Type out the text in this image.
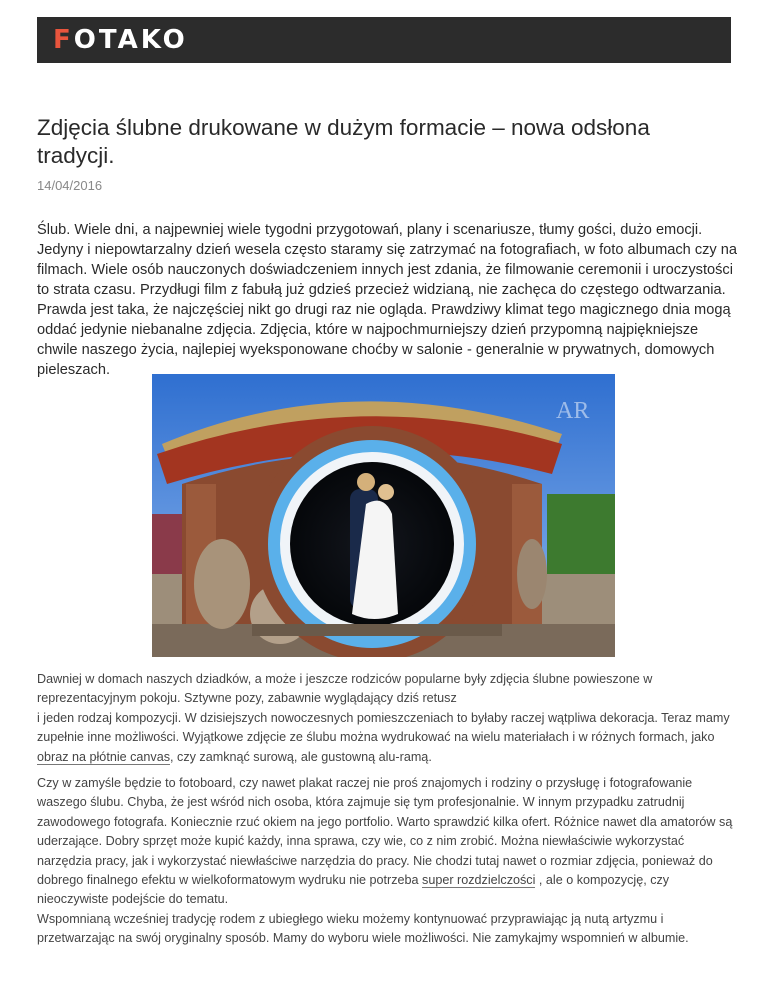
FOTAKO
Zdjęcia ślubne drukowane w dużym formacie – nowa odsłona tradycji.
14/04/2016

Ślub. Wiele dni, a najpewniej wiele tygodni przygotowań, plany i scenariusze, tłumy gości, dużo emocji. Jedyny i niepowtarzalny dzień wesela często staramy się zatrzymać na fotografiach, w foto albumach czy na filmach. Wiele osób nauczonych doświadczeniem innych jest zdania, że filmowanie ceremonii i uroczystości to strata czasu. Przydługi film z fabułą już gdzieś przecież widzianą, nie zachęca do częstego odtwarzania. Prawda jest taka, że najczęściej nikt go drugi raz nie ogląda. Prawdziwy klimat tego magicznego dnia mogą oddać jedynie niebanalne zdjęcia. Zdjęcia, które w najpochmurniejszy dzień przypomną najpiękniejsze chwile naszego życia, najlepiej wyeksponowane choćby w salonie - generalnie w prywatnych, domowych pieleszach.

AR

Dawniej w domach naszych dziadków, a może i jeszcze rodziców popularne były zdjęcia ślubne powieszone w reprezentacyjnym pokoju. Sztywne pozy, zabawnie wyglądający dziś retusz
i jeden rodzaj kompozycji. W dzisiejszych nowoczesnych pomieszczeniach to byłaby raczej wątpliwa dekoracja. Teraz mamy zupełnie inne możliwości. Wyjątkowe zdjęcie ze ślubu można wydrukować na wielu materiałach i w różnych formach, jako obraz na płótnie canvas, czy zamknąć surową, ale gustowną alu-ramą.

Czy w zamyśle będzie to fotoboard, czy nawet plakat raczej nie proś znajomych i rodziny o przysługę i fotografowanie waszego ślubu. Chyba, że jest wśród nich osoba, która zajmuje się tym profesjonalnie. W innym przypadku zatrudnij zawodowego fotografa. Koniecznie rzuć okiem na jego portfolio. Warto sprawdzić kilka ofert. Różnice nawet dla amatorów są uderzające. Dobry sprzęt może kupić każdy, inna sprawa, czy wie, co z nim zrobić. Można niewłaściwie wykorzystać narzędzia pracy, jak i wykorzystać niewłaściwe narzędzia do pracy. Nie chodzi tutaj nawet o rozmiar zdjęcia, ponieważ do dobrego finalnego efektu w wielkoformatowym wydruku nie potrzeba super rozdzielczości , ale o kompozycję, czy nieoczywiste podejście do tematu.

Wspomnianą wcześniej tradycję rodem z ubiegłego wieku możemy kontynuować przyprawiając ją nutą artyzmu i przetwarzając na swój oryginalny sposób. Mamy do wyboru wiele możliwości. Nie zamykajmy wspomnień w albumie.
